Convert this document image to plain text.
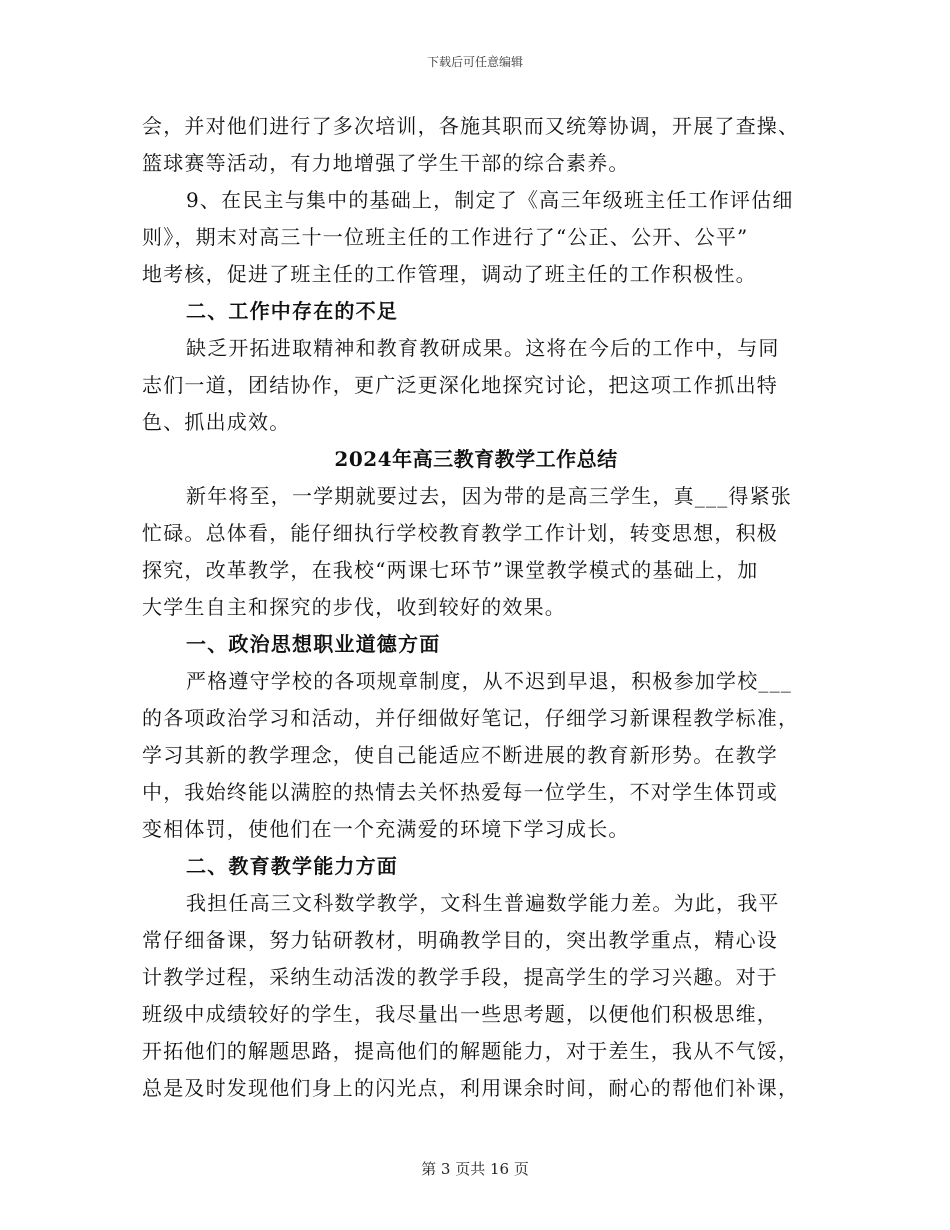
下载后可任意编辑

会，并对他们进行了多次培训，各施其职而又统筹协调，开展了查操、

篮球赛等活动，有力地增强了学生干部的综合素养。

9、在民主与集中的基础上，制定了《高三年级班主任工作评估细

则》，期末对高三十一位班主任的工作进行了“公正、公开、公平”

地考核，促进了班主任的工作管理，调动了班主任的工作积极性。

二、工作中存在的不足

缺乏开拓进取精神和教育教研成果。这将在今后的工作中，与同

志们一道，团结协作，更广泛更深化地探究讨论，把这项工作抓出特

色、抓出成效。

2024年高三教育教学工作总结

新年将至，一学期就要过去，因为带的是高三学生，真___得紧张

忙碌。总体看，能仔细执行学校教育教学工作计划，转变思想，积极

探究，改革教学，在我校“两课七环节”课堂教学模式的基础上，加

大学生自主和探究的步伐，收到较好的效果。

一、政治思想职业道德方面

严格遵守学校的各项规章制度，从不迟到早退，积极参加学校___

的各项政治学习和活动，并仔细做好笔记，仔细学习新课程教学标准，

学习其新的教学理念，使自己能适应不断进展的教育新形势。在教学

中，我始终能以满腔的热情去关怀热爱每一位学生，不对学生体罚或

变相体罚，使他们在一个充满爱的环境下学习成长。

二、教育教学能力方面

我担任高三文科数学教学，文科生普遍数学能力差。为此，我平

常仔细备课，努力钻研教材，明确教学目的，突出教学重点，精心设

计教学过程，采纳生动活泼的教学手段，提高学生的学习兴趣。对于

班级中成绩较好的学生，我尽量出一些思考题，以便他们积极思维，

开拓他们的解题思路，提高他们的解题能力，对于差生，我从不气馁，

总是及时发现他们身上的闪光点，利用课余时间，耐心的帮他们补课，

第 3 页共 16 页
